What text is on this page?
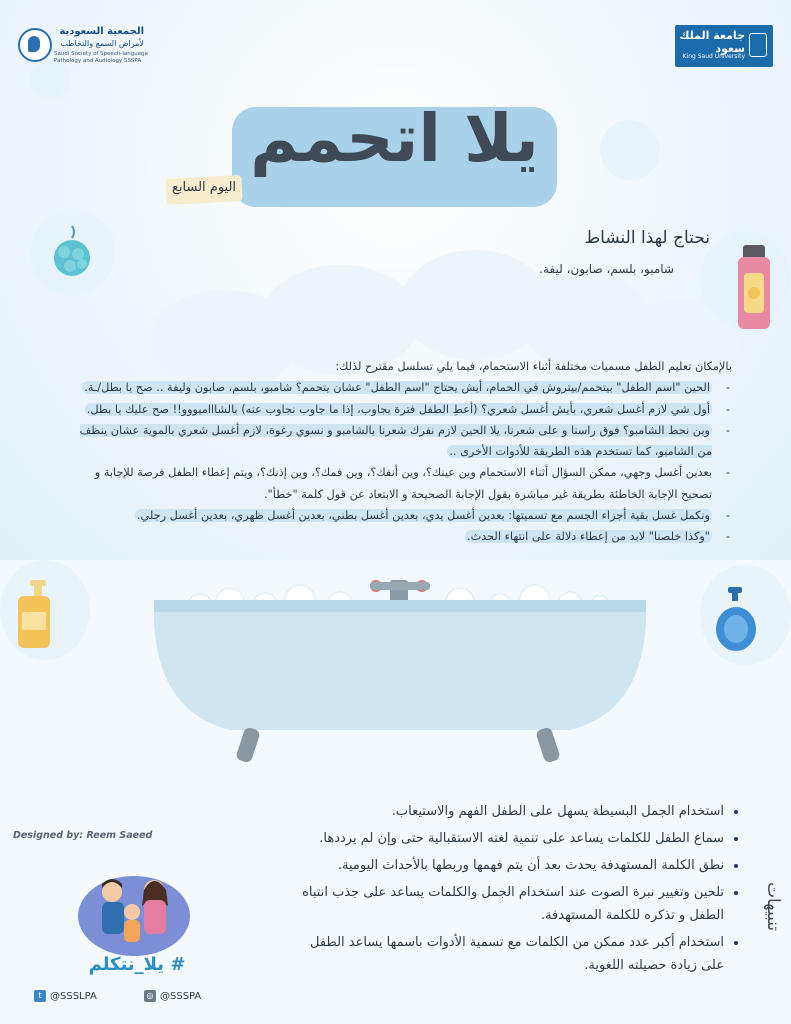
الجمعية السعودية
لأمراض السمع والتخاطب
Saudi Society of Speech-language Pathology and Audiology SSSPA
جامعة الملك سعود
King Saud University
يلا اتحمم
اليوم السابع
نحتاج لهذا النشاط
شامبو، بلسم، صابون، ليفة.

بالإمكان تعليم الطفل مسميات مختلفة أثناء الاستحمام، فيما يلي تسلسل مقترح لذلك:

- الحين "اسم الطفل" بيتحمم/بيتروش في الحمام، أيش يحتاج "اسم الطفل" عشان يتحمم؟ شامبو، بلسم، صابون وليفة .. صح يا بطل/ـة.
- أول شي لازم أغسل شعري، بأيش أغسل شعري؟ (أعطِ الطفل فترة يجاوب، إذا ما جاوب نجاوب عنه) بالشاااميووو!! صح عليك يا بطل.
- وين نحط الشامبو؟ فوق راسنا و على شعرنا، يلا الحين لازم نفرك شعرنا بالشامبو و نسوي رغوة، لازم أغسل شعري بالموية عشان ينظف من الشامبو، كما تستخدم هذه الطريقة للأدوات الأخرى ..
- بعدين أغسل وجهي، ممكن السؤال أثناء الاستحمام وين عينك؟، وين أنفك؟، وين فمك؟، وين إذنك؟، ويتم إعطاء الطفل فرصة للإجابة و تصحيح الإجابة الخاطئة بطريقة غير مباشرة بقول الإجابة الصحيحة و الابتعاد عن قول كلمة "خطأ".
- ونكمل غسل بقية أجزاء الجسم مع تسميتها: بعدين أغسل يدي، بعدين أغسل بطني، بعدين أغسل ظهري، بعدين أغسل رجلي.
- "وكذا خلصنا" لابد من إعطاء دلالة على انتهاء الحدث.
Designed by: Reem Saeed
# يلا_نتكلم
t @SSSLPA	◎ @SSSPA
تنبيهات
• استخدام الجمل البسيطة يسهل على الطفل الفهم والاستيعاب.
• سماع الطفل للكلمات يساعد على تنمية لغته الاستقبالية حتى وإن لم يرددها.
• نطق الكلمة المستهدفة يحدث بعد أن يتم فهمها وربطها بالأحداث اليومية.
• تلحين وتغيير نبرة الصوت عند استخدام الجمل والكلمات يساعد على جذب انتباه الطفل و تذكره للكلمة المستهدفة.
• استخدام أكبر عدد ممكن من الكلمات مع تسمية الأدوات باسمها يساعد الطفل على زيادة حصيلته اللغوية.
